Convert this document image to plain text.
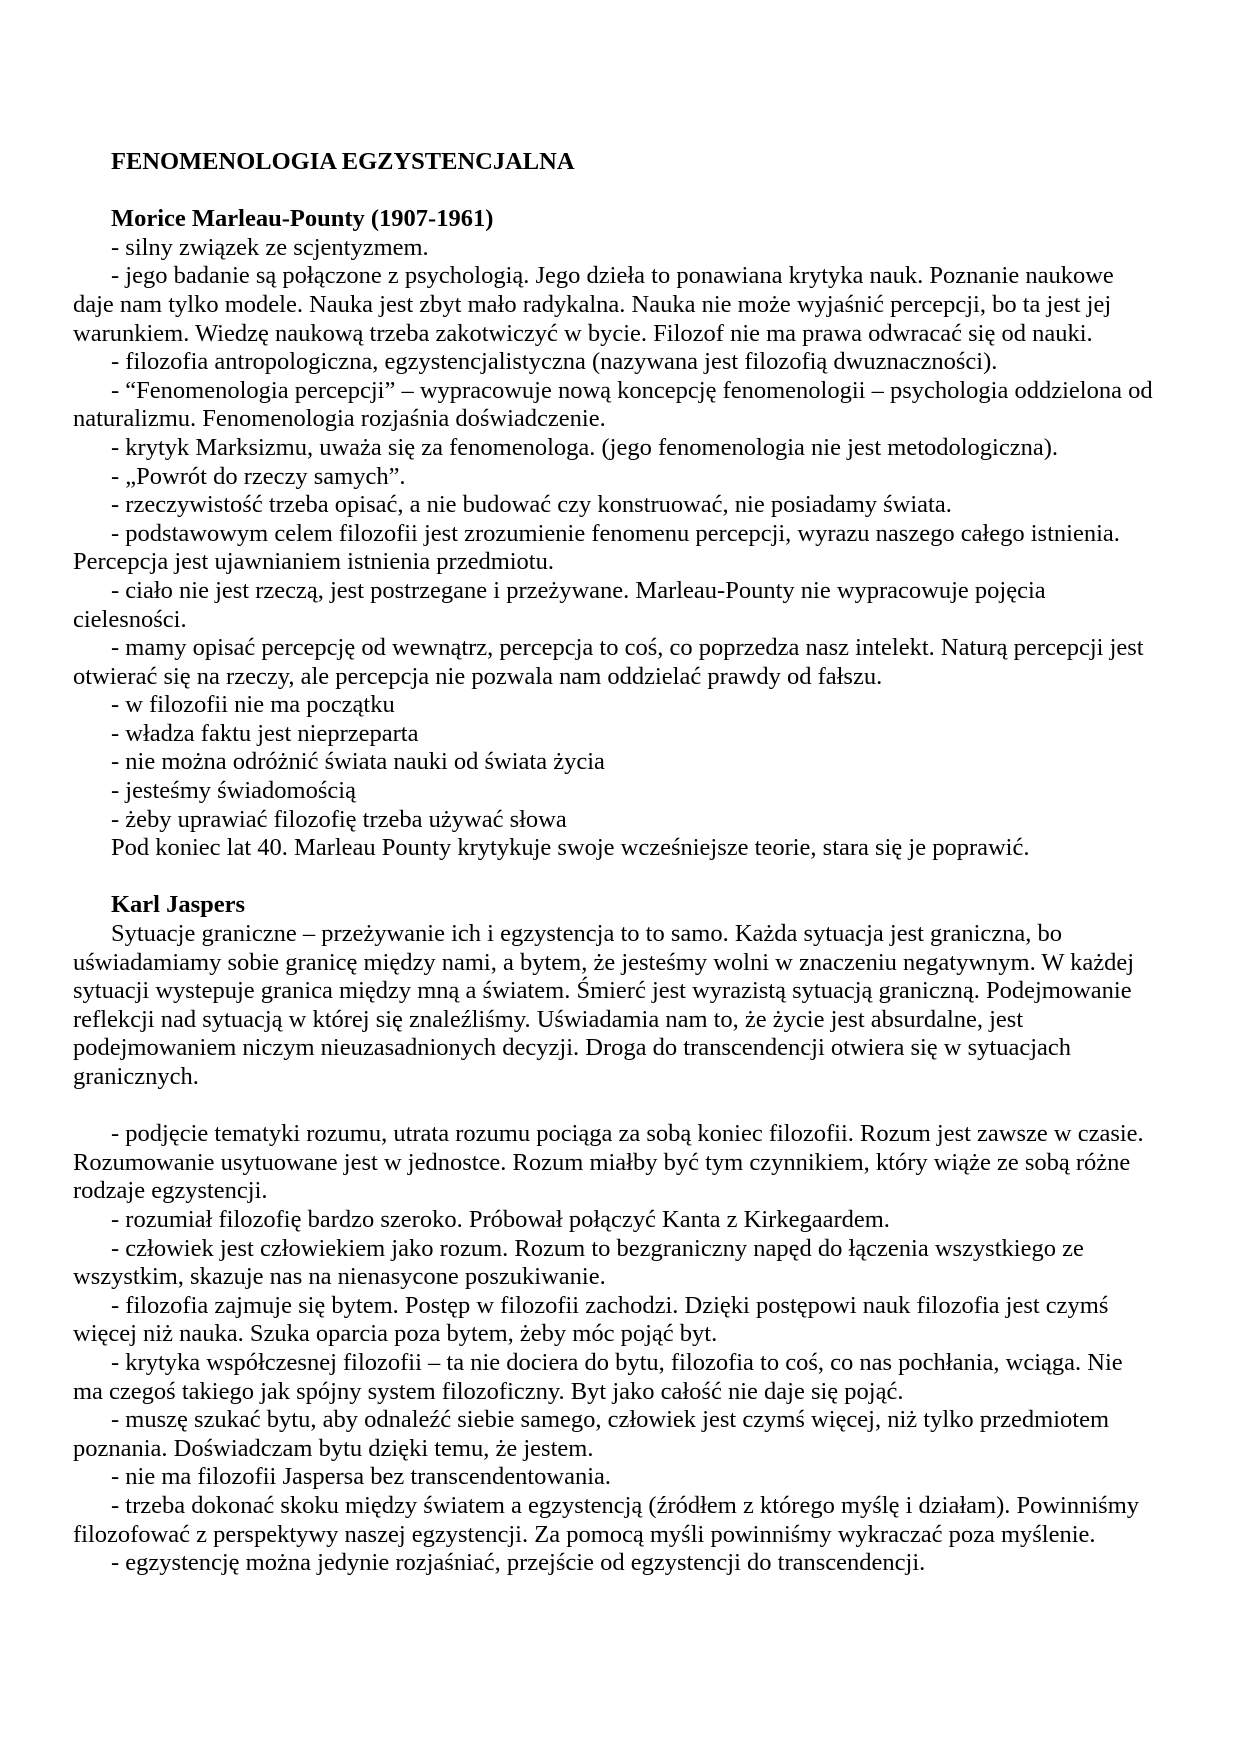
FENOMENOLOGIA EGZYSTENCJALNA
Morice Marleau-Pounty (1907-1961)
- silny związek ze scjentyzmem.
- jego badanie są połączone z psychologią. Jego dzieła to ponawiana krytyka nauk. Poznanie naukowe
daje nam tylko modele. Nauka jest zbyt mało radykalna. Nauka nie może wyjaśnić percepcji, bo ta jest jej
warunkiem. Wiedzę naukową trzeba zakotwiczyć w bycie. Filozof nie ma prawa odwracać się od nauki.
- filozofia antropologiczna, egzystencjalistyczna (nazywana jest filozofią dwuznaczności).
- “Fenomenologia percepcji” – wypracowuje nową koncepcję fenomenologii – psychologia oddzielona od
naturalizmu. Fenomenologia rozjaśnia doświadczenie.
- krytyk Marksizmu, uważa się za fenomenologa. (jego fenomenologia nie jest metodologiczna).
- „Powrót do rzeczy samych”.
- rzeczywistość trzeba opisać, a nie budować czy konstruować, nie posiadamy świata.
- podstawowym celem filozofii jest zrozumienie fenomenu percepcji, wyrazu naszego całego istnienia.
Percepcja jest ujawnianiem istnienia przedmiotu.
- ciało nie jest rzeczą, jest postrzegane i przeżywane. Marleau-Pounty nie wypracowuje pojęcia
cielesności.
- mamy opisać percepcję od wewnątrz, percepcja to coś, co poprzedza nasz intelekt. Naturą percepcji jest
otwierać się na rzeczy, ale percepcja nie pozwala nam oddzielać prawdy od fałszu.
- w filozofii nie ma początku
- władza faktu jest nieprzeparta
- nie można odróżnić świata nauki od świata życia
- jesteśmy świadomością
- żeby uprawiać filozofię trzeba używać słowa
Pod koniec lat 40. Marleau Pounty krytykuje swoje wcześniejsze teorie, stara się je poprawić.
Karl Jaspers
Sytuacje graniczne – przeżywanie ich i egzystencja to to samo. Każda sytuacja jest graniczna, bo
uświadamiamy sobie granicę między nami, a bytem, że jesteśmy wolni w znaczeniu negatywnym. W każdej
sytuacji wystepuje granica między mną a światem. Śmierć jest wyrazistą sytuacją graniczną. Podejmowanie
reflekcji nad sytuacją w której się znaleźliśmy. Uświadamia nam to, że życie jest absurdalne, jest
podejmowaniem niczym nieuzasadnionych decyzji. Droga do transcendencji otwiera się w sytuacjach
granicznych.
- podjęcie tematyki rozumu, utrata rozumu pociąga za sobą koniec filozofii. Rozum jest zawsze w czasie.
Rozumowanie usytuowane jest w jednostce. Rozum miałby być tym czynnikiem, który wiąże ze sobą różne
rodzaje egzystencji.
- rozumiał filozofię bardzo szeroko. Próbował połączyć Kanta z Kirkegaardem.
- człowiek jest człowiekiem jako rozum. Rozum to bezgraniczny napęd do łączenia wszystkiego ze
wszystkim, skazuje nas na nienasycone poszukiwanie.
- filozofia zajmuje się bytem. Postęp w filozofii zachodzi. Dzięki postępowi nauk filozofia jest czymś
więcej niż nauka. Szuka oparcia poza bytem, żeby móc pojąć byt.
- krytyka współczesnej filozofii – ta nie dociera do bytu, filozofia to coś, co nas pochłania, wciąga. Nie
ma czegoś takiego jak spójny system filozoficzny. Byt jako całość nie daje się pojąć.
- muszę szukać bytu, aby odnaleźć siebie samego, człowiek jest czymś więcej, niż tylko przedmiotem
poznania. Doświadczam bytu dzięki temu, że jestem.
- nie ma filozofii Jaspersa bez transcendentowania.
- trzeba dokonać skoku między światem a egzystencją (źródłem z którego myślę i działam). Powinniśmy
filozofować z perspektywy naszej egzystencji. Za pomocą myśli powinniśmy wykraczać poza myślenie.
- egzystencję można jedynie rozjaśniać, przejście od egzystencji do transcendencji.
